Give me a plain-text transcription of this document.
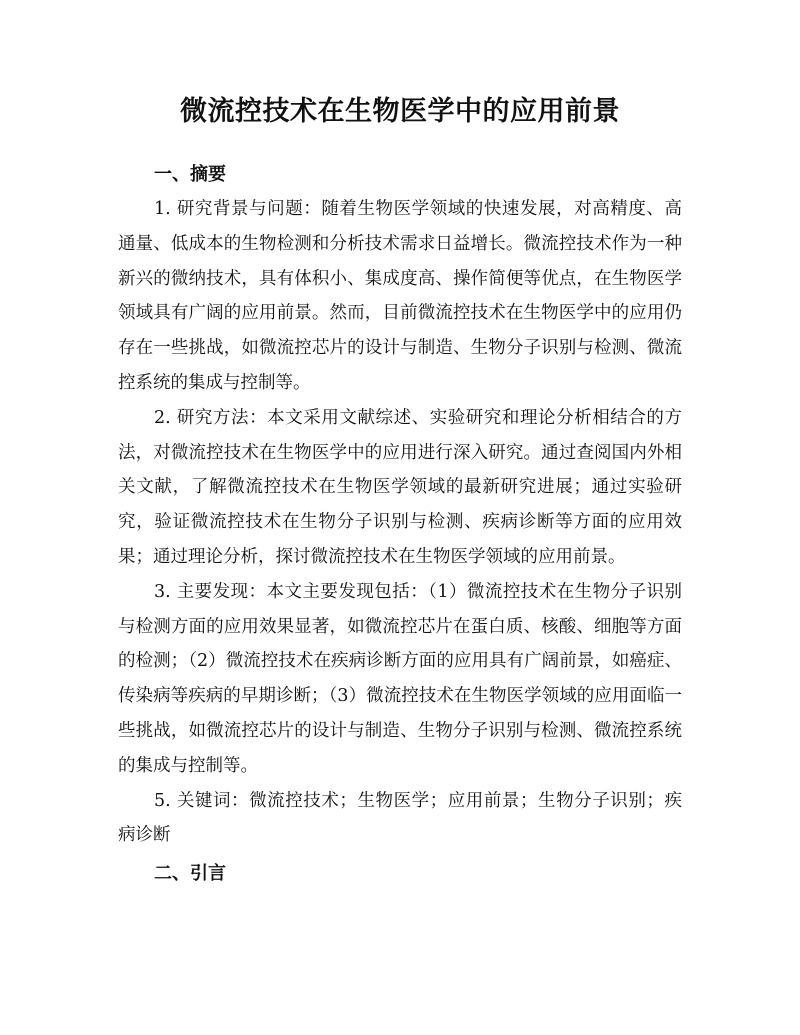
微流控技术在生物医学中的应用前景
一、摘要

1. 研究背景与问题：随着生物医学领域的快速发展，对高精度、高通量、低成本的生物检测和分析技术需求日益增长。微流控技术作为一种新兴的微纳技术，具有体积小、集成度高、操作简便等优点，在生物医学领域具有广阔的应用前景。然而，目前微流控技术在生物医学中的应用仍存在一些挑战，如微流控芯片的设计与制造、生物分子识别与检测、微流控系统的集成与控制等。

2. 研究方法：本文采用文献综述、实验研究和理论分析相结合的方法，对微流控技术在生物医学中的应用进行深入研究。通过查阅国内外相关文献，了解微流控技术在生物医学领域的最新研究进展；通过实验研究，验证微流控技术在生物分子识别与检测、疾病诊断等方面的应用效果；通过理论分析，探讨微流控技术在生物医学领域的应用前景。

3. 主要发现：本文主要发现包括：（1）微流控技术在生物分子识别与检测方面的应用效果显著，如微流控芯片在蛋白质、核酸、细胞等方面的检测；（2）微流控技术在疾病诊断方面的应用具有广阔前景，如癌症、传染病等疾病的早期诊断；（3）微流控技术在生物医学领域的应用面临一些挑战，如微流控芯片的设计与制造、生物分子识别与检测、微流控系统的集成与控制等。

5. 关键词：微流控技术；生物医学；应用前景；生物分子识别；疾病诊断

二、引言
